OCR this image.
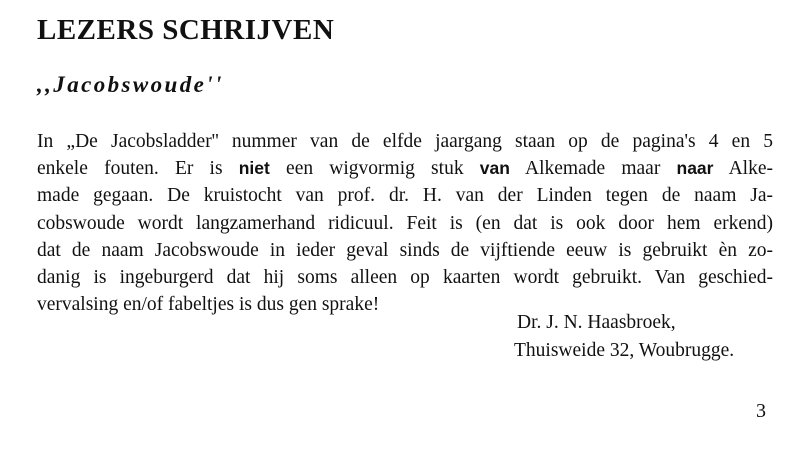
LEZERS SCHRIJVEN
,,Jacobswoude''
In „De Jacobsladder'' nummer van de elfde jaargang staan op de pagina's 4 en 5
enkele fouten. Er is niet een wigvormig stuk van Alkemade maar naar Alke-
made gegaan. De kruistocht van prof. dr. H. van der Linden tegen de naam Ja-
cobswoude wordt langzamerhand ridicuul. Feit is (en dat is ook door hem erkend)
dat de naam Jacobswoude in ieder geval sinds de vijftiende eeuw is gebruikt èn zo-
danig is ingeburgerd dat hij soms alleen op kaarten wordt gebruikt. Van geschied-
vervalsing en/of fabeltjes is dus gen sprake!
Dr. J. N. Haasbroek,
Thuisweide 32, Woubrugge.
3
